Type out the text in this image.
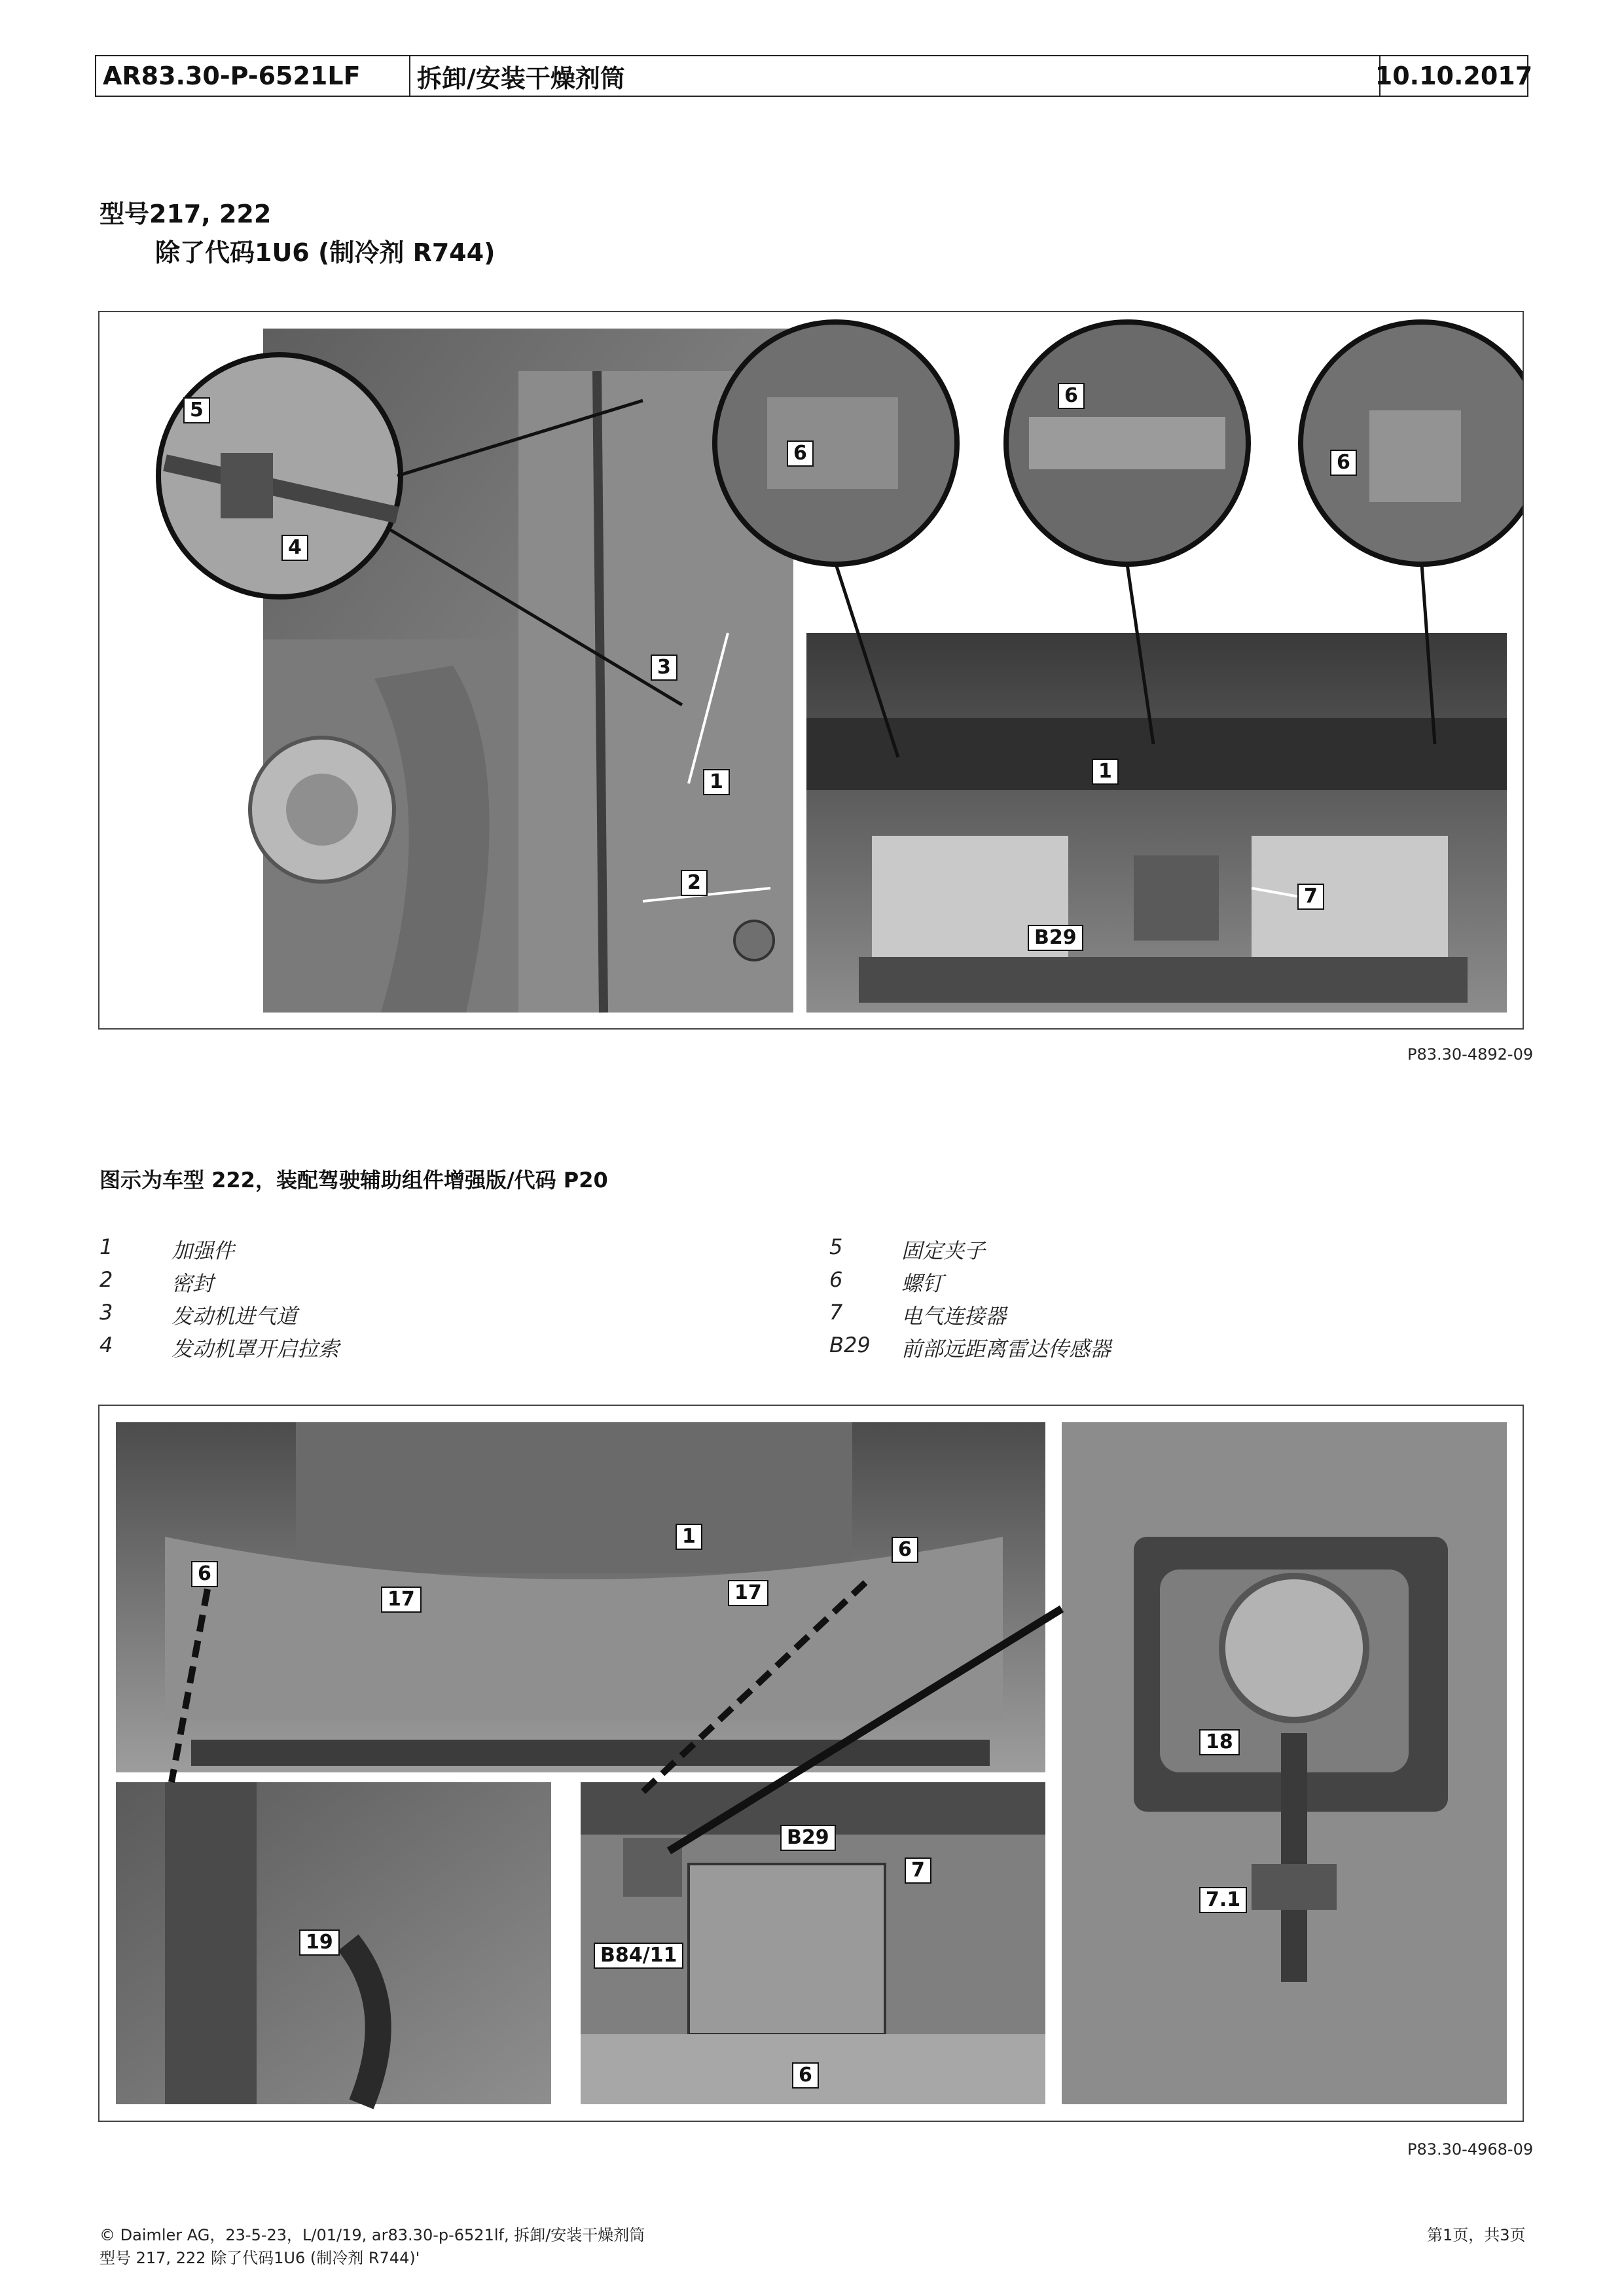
AR83.30-P-6521LF	拆卸/安装干燥剂筒	10.10.2017
型号217, 222
除了代码1U6 (制冷剂 R744)
5
4
3
1
2
6
6
6
1
7
B29
P83.30-4892-09
图示为车型 222，装配驾驶辅助组件增强版/代码 P20
1	加强件
2	密封
3	发动机进气道
4	发动机罩开启拉索
5	固定夹子
6	螺钉
7	电气连接器
B29 前部远距离雷达传感器
6
17
1
17
6
19
B29
7
B84/11
6
18
7.1
P83.30-4968-09
© Daimler AG，23-5-23，L/01/19, ar83.30-p-6521lf, 拆卸/安装干燥剂筒
型号 217, 222 除了代码1U6 (制冷剂 R744)'
第1页，共3页
